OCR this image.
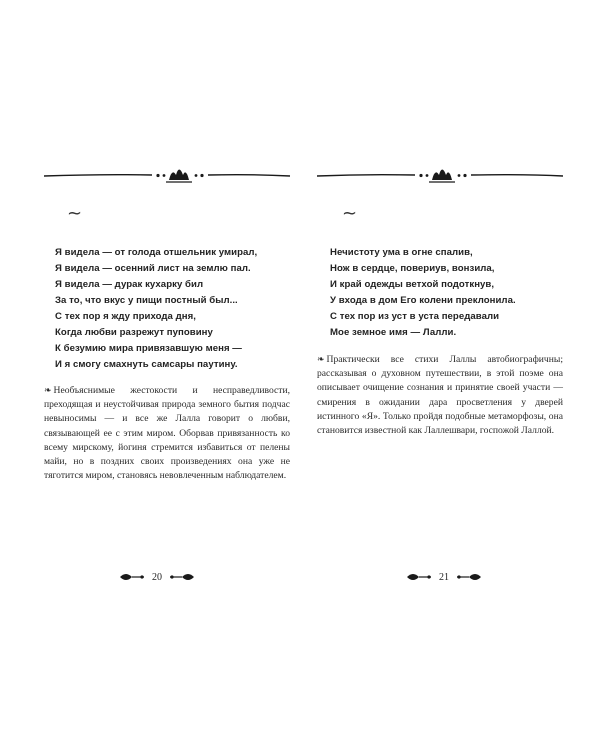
~
Я видела — от голода отшельник умирал,
Я видела — осенний лист на землю пал.
Я видела — дурак кухарку бил
За то, что вкус у пищи постный был...
С тех пор я жду прихода дня,
Когда любви разрежут пуповину
К безумию мира привязавшую меня —
И я смогу смахнуть самсары паутину.
❧ Необъяснимые жестокости и несправедливости, преходящая и неустойчивая природа земного бытия подчас невыносимы — и все же Лалла говорит о любви, связывающей ее с этим миром. Оборвав привязанность ко всему мирскому, йогиня стремится избавиться от пелены майи, но в поздних своих произведениях она уже не тяготится миром, становясь невовлеченным наблюдателем.
20
~
Нечистоту ума в огне спалив,
Нож в сердце, повериув, вонзила,
И край одежды ветхой подоткнув,
У входа в дом Его колени преклонила.
С тех пор из уст в уста передавали
Мое земное имя — Лалли.
❧ Практически все стихи Лаллы автобиографичны; рассказывая о духовном путешествии, в этой поэме она описывает очищение сознания и принятие своей участи — смирения в ожидании дара просветления у дверей истинного «Я». Только пройдя подобные метаморфозы, она становится известной как Лаллешвари, госпожой Лаллой.
21
